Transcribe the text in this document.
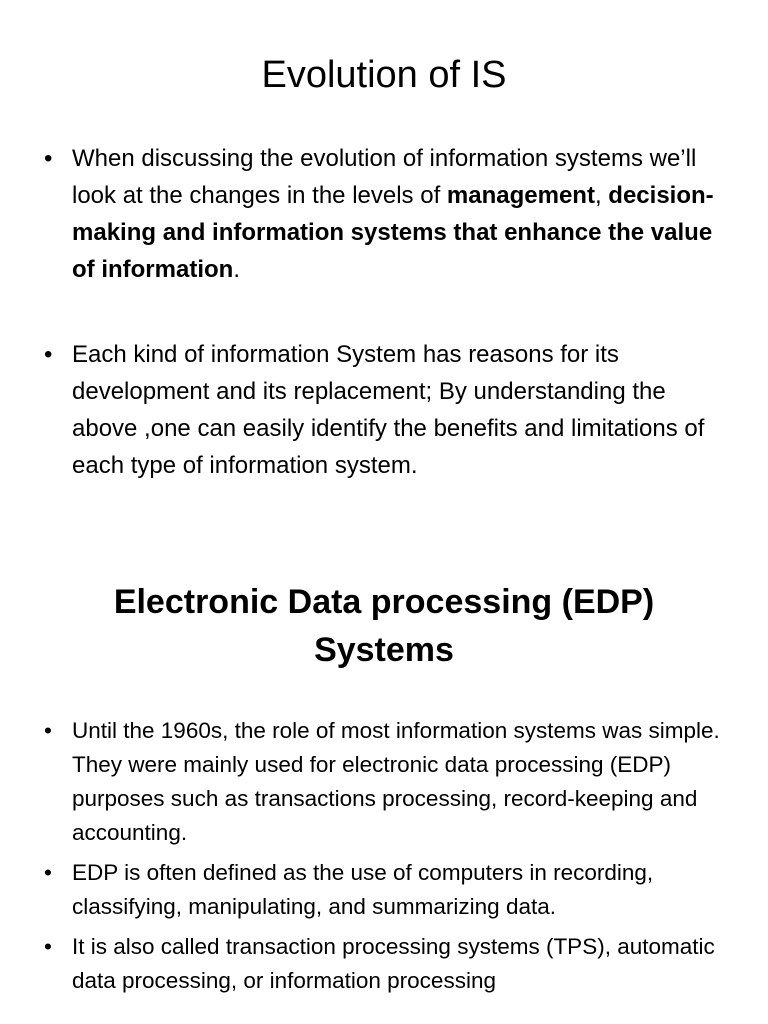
Evolution of IS
• When discussing the evolution of information systems we’ll look at the changes in the levels of management, decision-making and information systems that enhance the value of information.
• Each kind of information System has reasons for its development and its replacement; By understanding the above ,one can easily identify the benefits and limitations of each type of information system.
Electronic Data processing (EDP) Systems
• Until the 1960s, the role of most information systems was simple. They were mainly used for electronic data processing (EDP) purposes such as transactions processing, record-keeping and accounting.
• EDP is often defined as the use of computers in recording, classifying, manipulating, and summarizing data.
• It is also called transaction processing systems (TPS), automatic data processing, or information processing
